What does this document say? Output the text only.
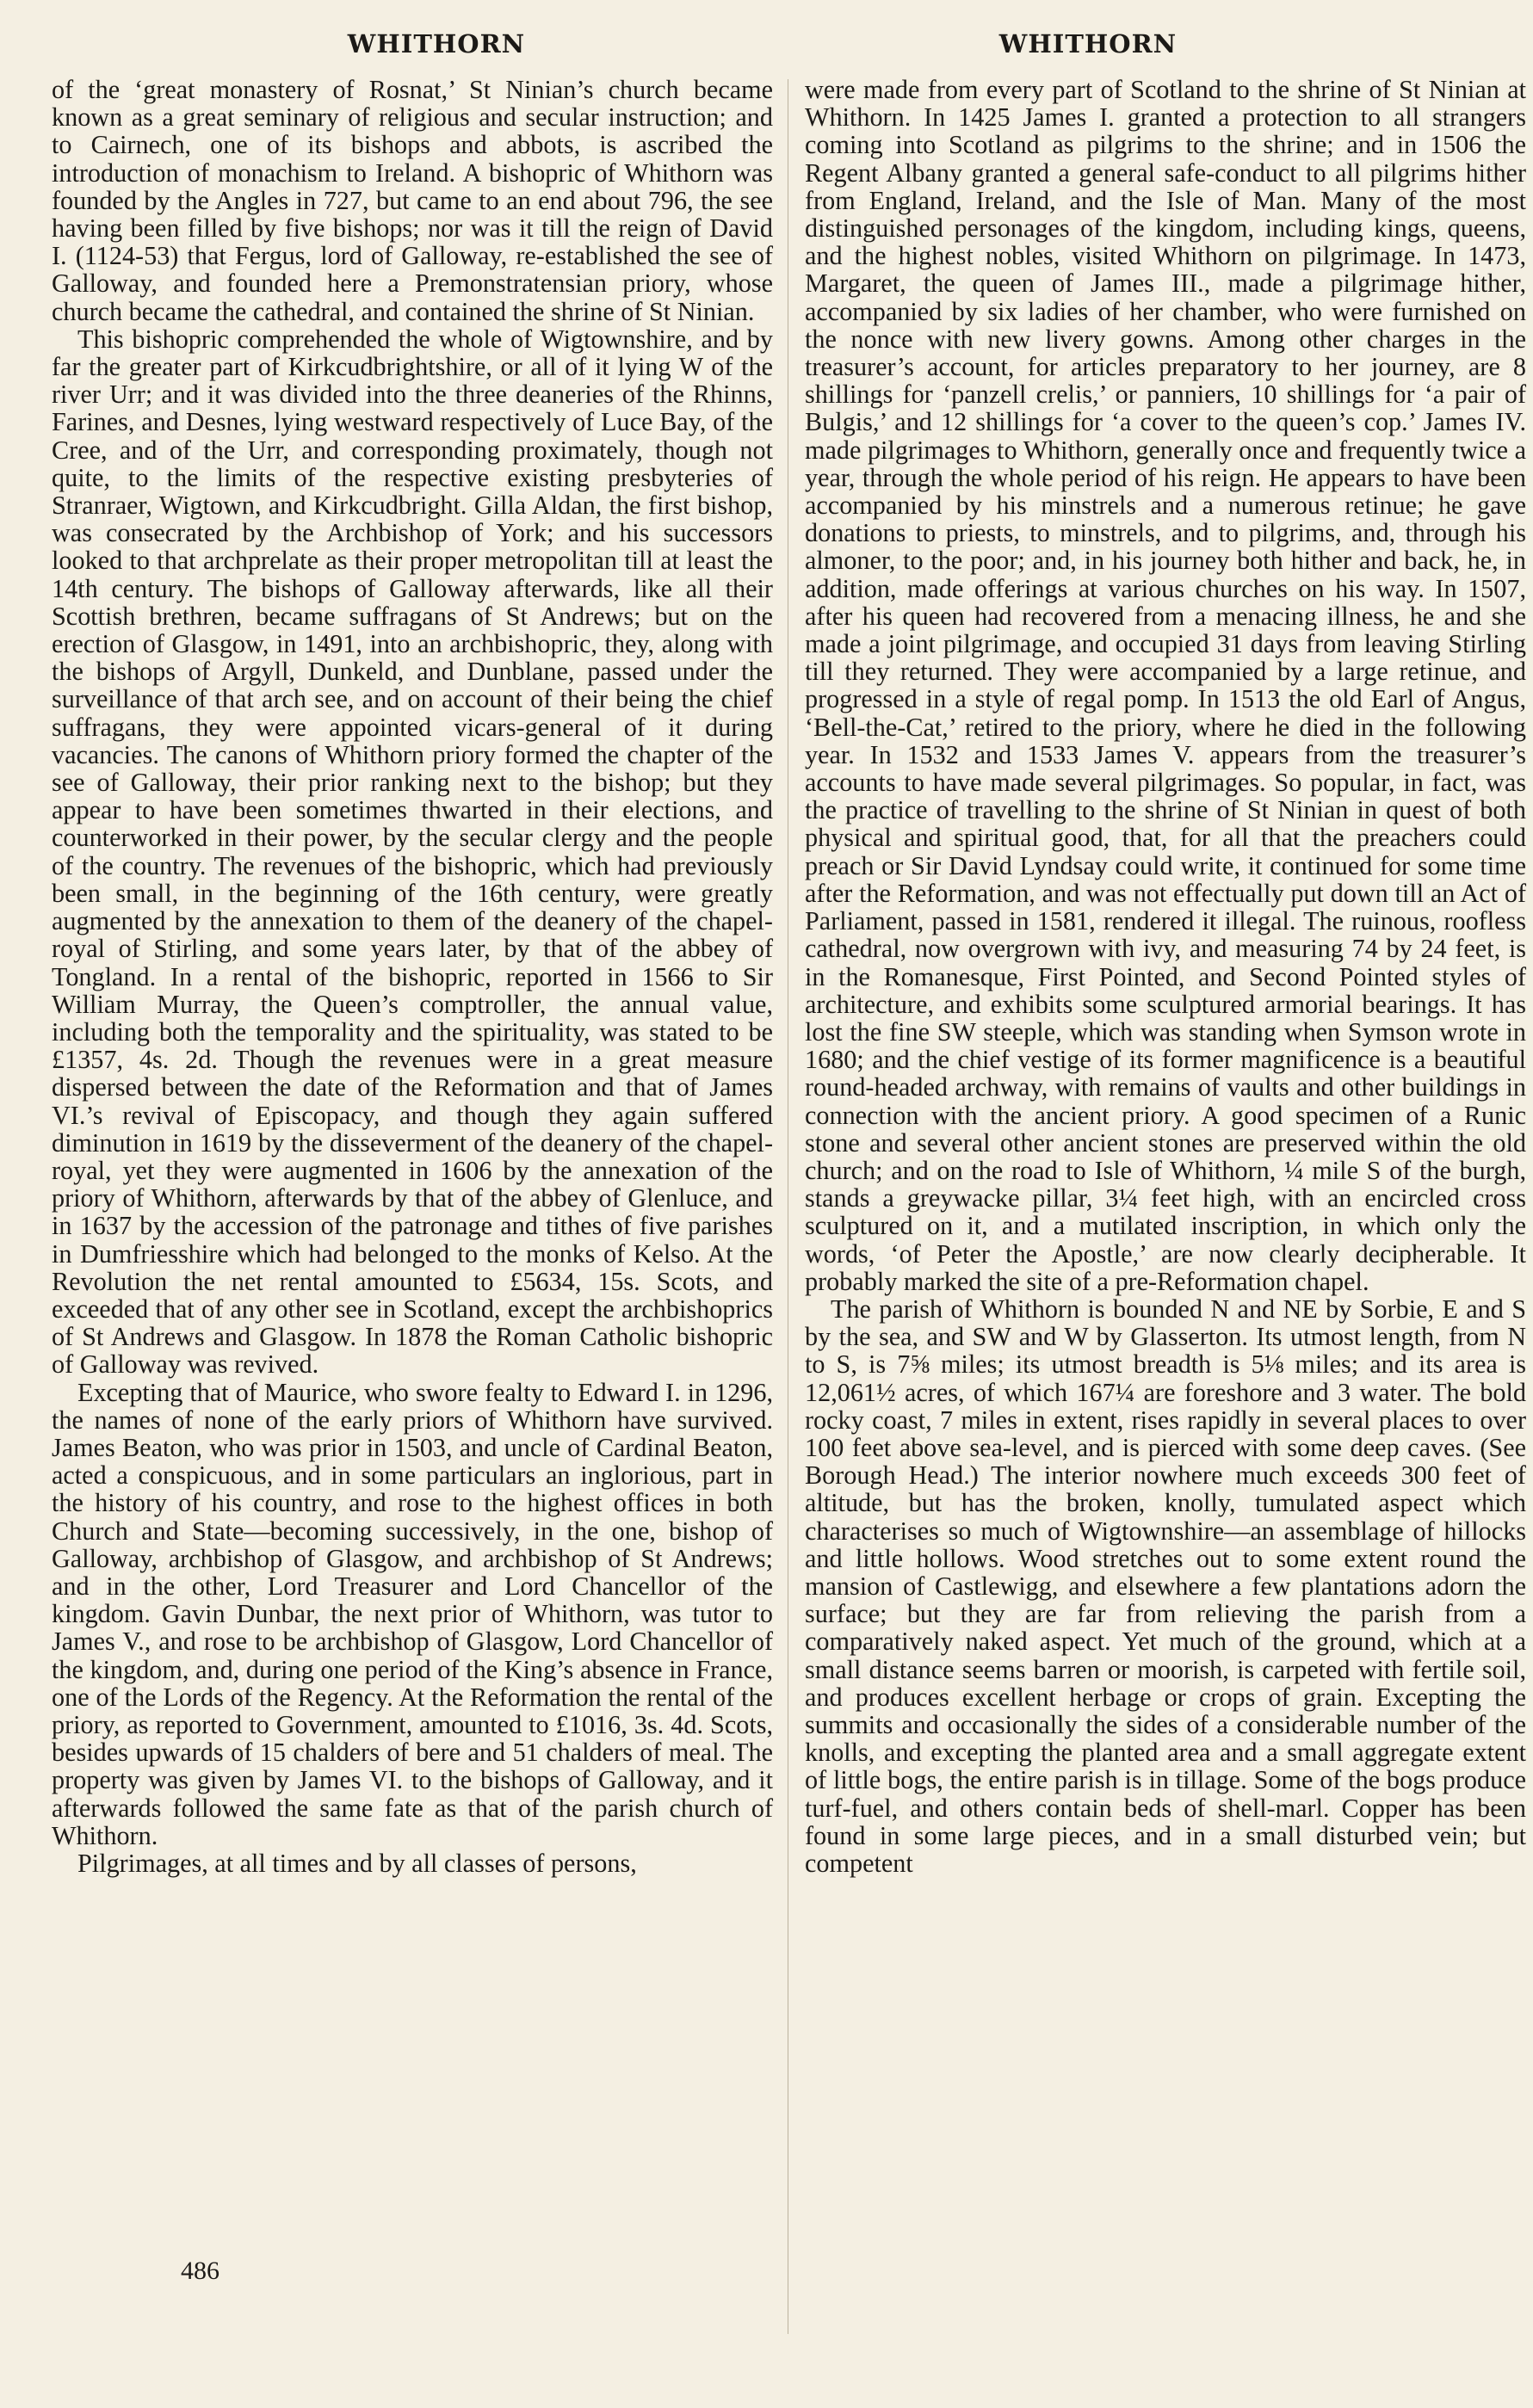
WHITHORN	WHITHORN

of the ‘great monastery of Rosnat,’ St Ninian’s church became known as a great seminary of religious and secular instruction; and to Cairnech, one of its bishops and abbots, is ascribed the introduction of monachism to Ireland. A bishopric of Whithorn was founded by the Angles in 727, but came to an end about 796, the see having been filled by five bishops; nor was it till the reign of David I. (1124-53) that Fergus, lord of Galloway, re-established the see of Galloway, and founded here a Premonstratensian priory, whose church became the cathedral, and contained the shrine of St Ninian.

This bishopric comprehended the whole of Wigtownshire, and by far the greater part of Kirkcudbrightshire, or all of it lying W of the river Urr; and it was divided into the three deaneries of the Rhinns, Farines, and Desnes, lying westward respectively of Luce Bay, of the Cree, and of the Urr, and corresponding proximately, though not quite, to the limits of the respective existing presbyteries of Stranraer, Wigtown, and Kirkcudbright. Gilla Aldan, the first bishop, was consecrated by the Archbishop of York; and his successors looked to that archprelate as their proper metropolitan till at least the 14th century. The bishops of Galloway afterwards, like all their Scottish brethren, became suffragans of St Andrews; but on the erection of Glasgow, in 1491, into an archbishopric, they, along with the bishops of Argyll, Dunkeld, and Dunblane, passed under the surveillance of that arch see, and on account of their being the chief suffragans, they were appointed vicars-general of it during vacancies. The canons of Whithorn priory formed the chapter of the see of Galloway, their prior ranking next to the bishop; but they appear to have been sometimes thwarted in their elections, and counterworked in their power, by the secular clergy and the people of the country. The revenues of the bishopric, which had previously been small, in the beginning of the 16th century, were greatly augmented by the annexation to them of the deanery of the chapel-royal of Stirling, and some years later, by that of the abbey of Tongland. In a rental of the bishopric, reported in 1566 to Sir William Murray, the Queen’s comptroller, the annual value, including both the temporality and the spirituality, was stated to be £1357, 4s. 2d. Though the revenues were in a great measure dispersed between the date of the Reformation and that of James VI.’s revival of Episcopacy, and though they again suffered diminution in 1619 by the disseverment of the deanery of the chapel-royal, yet they were augmented in 1606 by the annexation of the priory of Whithorn, afterwards by that of the abbey of Glenluce, and in 1637 by the accession of the patronage and tithes of five parishes in Dumfriesshire which had belonged to the monks of Kelso. At the Revolution the net rental amounted to £5634, 15s. Scots, and exceeded that of any other see in Scotland, except the archbishoprics of St Andrews and Glasgow. In 1878 the Roman Catholic bishopric of Galloway was revived.

Excepting that of Maurice, who swore fealty to Edward I. in 1296, the names of none of the early priors of Whithorn have survived. James Beaton, who was prior in 1503, and uncle of Cardinal Beaton, acted a conspicuous, and in some particulars an inglorious, part in the history of his country, and rose to the highest offices in both Church and State—becoming successively, in the one, bishop of Galloway, archbishop of Glasgow, and archbishop of St Andrews; and in the other, Lord Treasurer and Lord Chancellor of the kingdom. Gavin Dunbar, the next prior of Whithorn, was tutor to James V., and rose to be archbishop of Glasgow, Lord Chancellor of the kingdom, and, during one period of the King’s absence in France, one of the Lords of the Regency. At the Reformation the rental of the priory, as reported to Government, amounted to £1016, 3s. 4d. Scots, besides upwards of 15 chalders of bere and 51 chalders of meal. The property was given by James VI. to the bishops of Galloway, and it afterwards followed the same fate as that of the parish church of Whithorn.

Pilgrimages, at all times and by all classes of persons,

were made from every part of Scotland to the shrine of St Ninian at Whithorn. In 1425 James I. granted a protection to all strangers coming into Scotland as pilgrims to the shrine; and in 1506 the Regent Albany granted a general safe-conduct to all pilgrims hither from England, Ireland, and the Isle of Man. Many of the most distinguished personages of the kingdom, including kings, queens, and the highest nobles, visited Whithorn on pilgrimage. In 1473, Margaret, the queen of James III., made a pilgrimage hither, accompanied by six ladies of her chamber, who were furnished on the nonce with new livery gowns. Among other charges in the treasurer’s account, for articles preparatory to her journey, are 8 shillings for ‘panzell crelis,’ or panniers, 10 shillings for ‘a pair of Bulgis,’ and 12 shillings for ‘a cover to the queen’s cop.’ James IV. made pilgrimages to Whithorn, generally once and frequently twice a year, through the whole period of his reign. He appears to have been accompanied by his minstrels and a numerous retinue; he gave donations to priests, to minstrels, and to pilgrims, and, through his almoner, to the poor; and, in his journey both hither and back, he, in addition, made offerings at various churches on his way. In 1507, after his queen had recovered from a menacing illness, he and she made a joint pilgrimage, and occupied 31 days from leaving Stirling till they returned. They were accompanied by a large retinue, and progressed in a style of regal pomp. In 1513 the old Earl of Angus, ‘Bell-the-Cat,’ retired to the priory, where he died in the following year. In 1532 and 1533 James V. appears from the treasurer’s accounts to have made several pilgrimages. So popular, in fact, was the practice of travelling to the shrine of St Ninian in quest of both physical and spiritual good, that, for all that the preachers could preach or Sir David Lyndsay could write, it continued for some time after the Reformation, and was not effectually put down till an Act of Parliament, passed in 1581, rendered it illegal. The ruinous, roofless cathedral, now overgrown with ivy, and measuring 74 by 24 feet, is in the Romanesque, First Pointed, and Second Pointed styles of architecture, and exhibits some sculptured armorial bearings. It has lost the fine SW steeple, which was standing when Symson wrote in 1680; and the chief vestige of its former magnificence is a beautiful round-headed archway, with remains of vaults and other buildings in connection with the ancient priory. A good specimen of a Runic stone and several other ancient stones are preserved within the old church; and on the road to Isle of Whithorn, ¼ mile S of the burgh, stands a greywacke pillar, 3¼ feet high, with an encircled cross sculptured on it, and a mutilated inscription, in which only the words, ‘of Peter the Apostle,’ are now clearly decipherable. It probably marked the site of a pre-Reformation chapel.

The parish of Whithorn is bounded N and NE by Sorbie, E and S by the sea, and SW and W by Glasserton. Its utmost length, from N to S, is 7⅝ miles; its utmost breadth is 5⅛ miles; and its area is 12,061½ acres, of which 167¼ are foreshore and 3 water. The bold rocky coast, 7 miles in extent, rises rapidly in several places to over 100 feet above sea-level, and is pierced with some deep caves. (See Borough Head.) The interior nowhere much exceeds 300 feet of altitude, but has the broken, knolly, tumulated aspect which characterises so much of Wigtownshire—an assemblage of hillocks and little hollows. Wood stretches out to some extent round the mansion of Castlewigg, and elsewhere a few plantations adorn the surface; but they are far from relieving the parish from a comparatively naked aspect. Yet much of the ground, which at a small distance seems barren or moorish, is carpeted with fertile soil, and produces excellent herbage or crops of grain. Excepting the summits and occasionally the sides of a considerable number of the knolls, and excepting the planted area and a small aggregate extent of little bogs, the entire parish is in tillage. Some of the bogs produce turf-fuel, and others contain beds of shell-marl. Copper has been found in some large pieces, and in a small disturbed vein; but competent

486
